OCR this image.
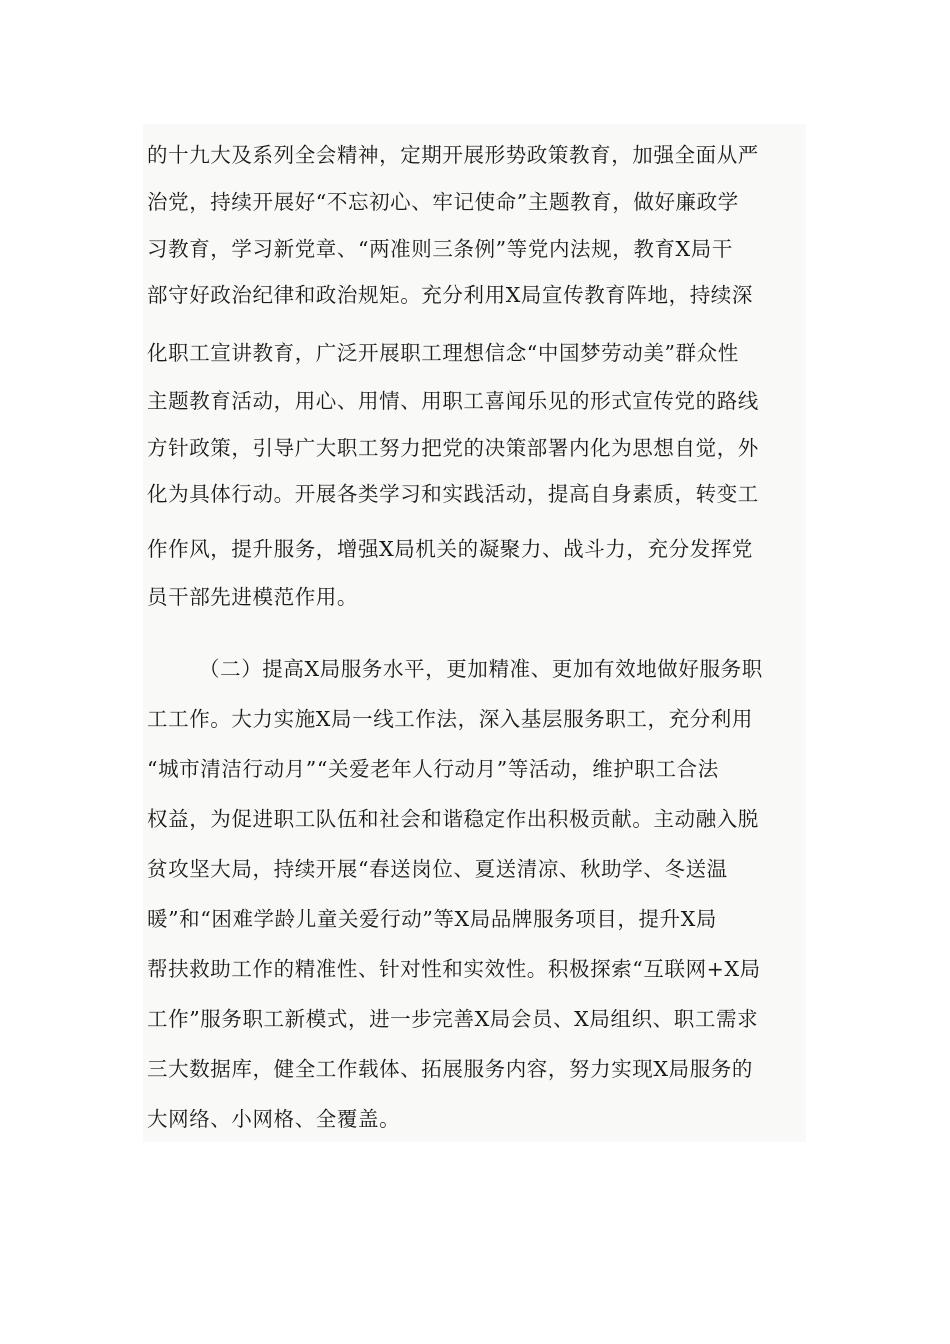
的十九大及系列全会精神，定期开展形势政策教育，加强全面从严
治党，持续开展好“不忘初心、牢记使命”主题教育，做好廉政学
习教育，学习新党章、“两准则三条例”等党内法规，教育X局干
部守好政治纪律和政治规矩。充分利用X局宣传教育阵地，持续深
化职工宣讲教育，广泛开展职工理想信念“中国梦劳动美”群众性
主题教育活动，用心、用情、用职工喜闻乐见的形式宣传党的路线
方针政策，引导广大职工努力把党的决策部署内化为思想自觉，外
化为具体行动。开展各类学习和实践活动，提高自身素质，转变工
作作风，提升服务，增强X局机关的凝聚力、战斗力，充分发挥党
员干部先进模范作用。
（二）提高X局服务水平，更加精准、更加有效地做好服务职
工工作。大力实施X局一线工作法，深入基层服务职工，充分利用
“城市清洁行动月”“关爱老年人行动月”等活动，维护职工合法
权益，为促进职工队伍和社会和谐稳定作出积极贡献。主动融入脱
贫攻坚大局，持续开展“春送岗位、夏送清凉、秋助学、冬送温
暖”和“困难学龄儿童关爱行动”等X局品牌服务项目，提升X局
帮扶救助工作的精准性、针对性和实效性。积极探索“互联网+X局
工作”服务职工新模式，进一步完善X局会员、X局组织、职工需求
三大数据库，健全工作载体、拓展服务内容，努力实现X局服务的
大网络、小网格、全覆盖。
